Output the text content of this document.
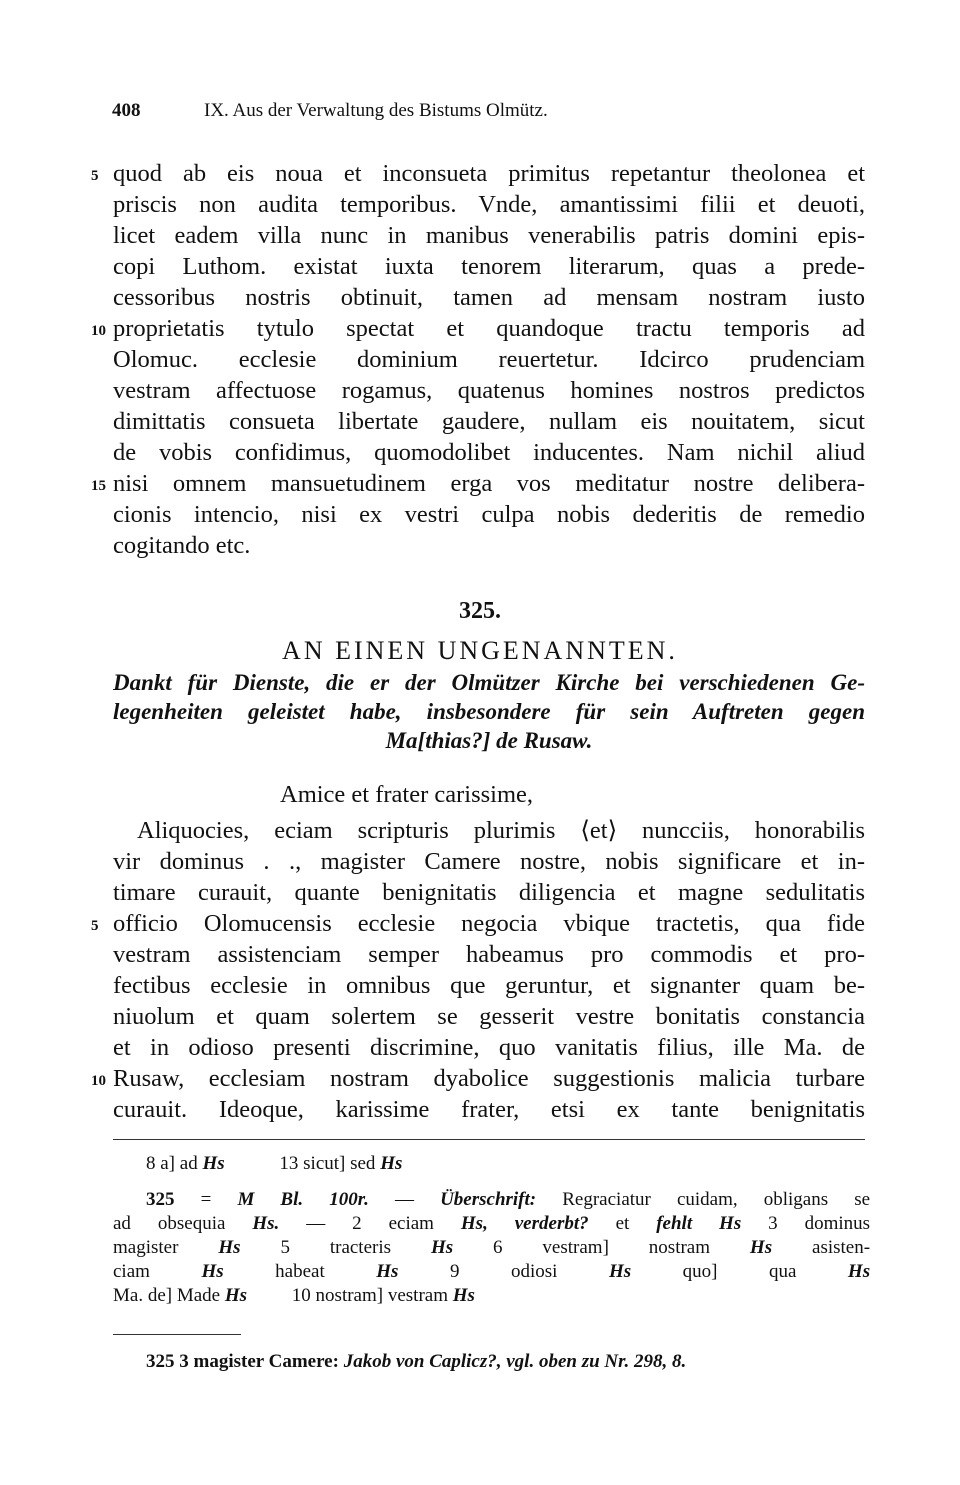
408	IX. Aus der Verwaltung des Bistums Olmütz.
5 quod ab eis noua et inconsueta primitus repetantur theolonea et
priscis non audita temporibus. Vnde, amantissimi filii et deuoti,
licet eadem villa nunc in manibus venerabilis patris domini epis-
copi Luthom. existat iuxta tenorem literarum, quas a prede-
cessoribus nostris obtinuit, tamen ad mensam nostram iusto
10 proprietatis tytulo spectat et quandoque tractu temporis ad
Olomuc. ecclesie dominium reuertetur. Idcirco prudenciam
vestram affectuose rogamus, quatenus homines nostros predictos
dimittatis consueta libertate gaudere, nullam eis nouitatem, sicut
de vobis confidimus, quomodolibet inducentes. Nam nichil aliud
15 nisi omnem mansuetudinem erga vos meditatur nostre delibera-
cionis intencio, nisi ex vestri culpa nobis dederitis de remedio
cogitando etc.
325.
AN EINEN UNGENANNTEN.
Dankt für Dienste, die er der Olmützer Kirche bei verschiedenen Ge-
legenheiten geleistet habe, insbesondere für sein Auftreten gegen
Ma[thias?] de Rusaw.
Amice et frater carissime,
Aliquocies, eciam scripturis plurimis ⟨et⟩ nuncciis, honorabilis
vir dominus . ., magister Camere nostre, nobis significare et in-
timare curauit, quante benignitatis diligencia et magne sedulitatis
5 officio Olomucensis ecclesie negocia vbique tractetis, qua fide
vestram assistenciam semper habeamus pro commodis et pro-
fectibus ecclesie in omnibus que geruntur, et signanter quam be-
niuolum et quam solertem se gesserit vestre bonitatis constancia
et in odioso presenti discrimine, quo vanitatis filius, ille Ma. de
10 Rusaw, ecclesiam nostram dyabolice suggestionis malicia turbare
curauit. Ideoque, karissime frater, etsi ex tante benignitatis
8 a] ad Hs	13 sicut] sed Hs
325 = M Bl. 100r. — Überschrift: Regraciatur cuidam, obligans se
ad obsequia Hs. — 2 eciam Hs, verderbt? et fehlt Hs 3 dominus
magister Hs 5 tracteris Hs 6 vestram] nostram Hs asisten-
ciam	Hs	habeat	Hs	9 odiosi	Hs	quo] qua	Hs
Ma. de] Made Hs 10 nostram] vestram Hs
325 3 magister Camere: Jakob von Caplicz?, vgl. oben zu Nr. 298, 8.
